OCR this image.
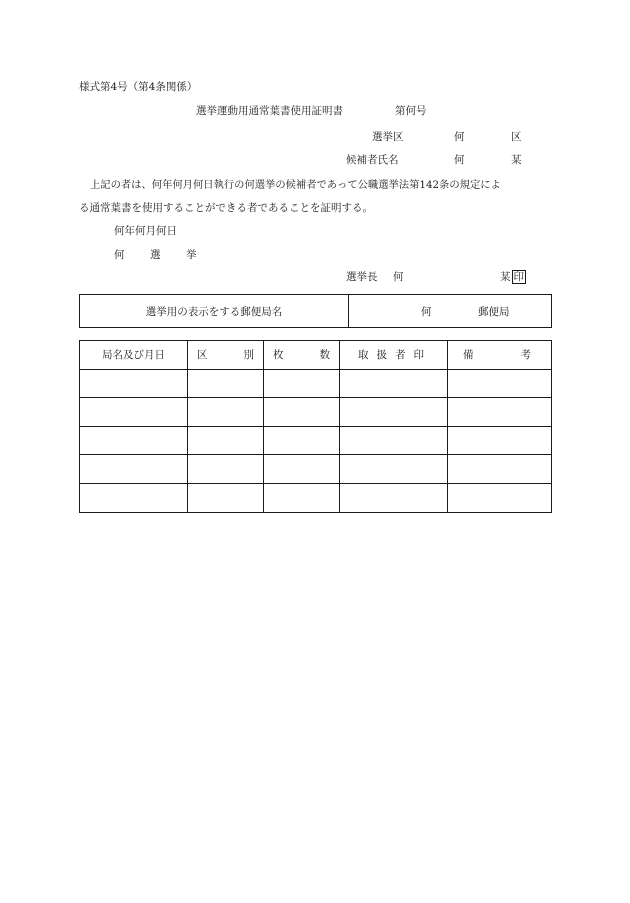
様式第4号（第4条関係）
選挙運動用通常葉書使用証明書	第何号
選挙区	何	区
候補者氏名	何	某
上記の者は、何年何月何日執行の何選挙の候補者であって公職選挙法第142条の規定によ
る通常葉書を使用することができる者であることを証明する。
何年何月何日
何 選 挙
選挙長 何	某 印
選挙用の表示をする郵便局名	何	郵便局
局名及び月日	区 別	枚 数	取 扱 者 印	備 考
